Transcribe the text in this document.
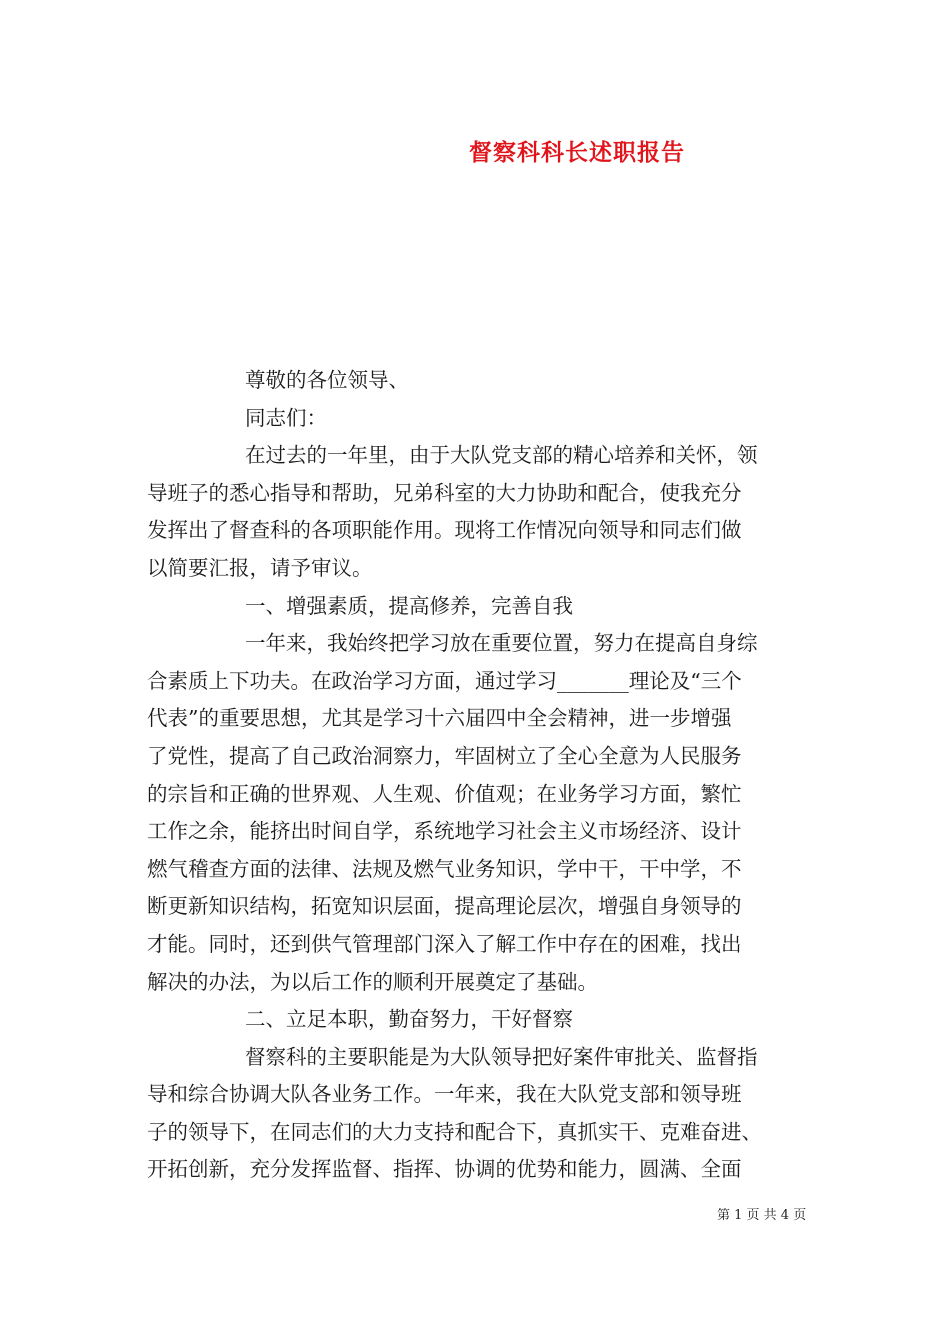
督察科科长述职报告
尊敬的各位领导、
同志们：
在过去的一年里，由于大队党支部的精心培养和关怀，领
导班子的悉心指导和帮助，兄弟科室的大力协助和配合，使我充分
发挥出了督查科的各项职能作用。现将工作情况向领导和同志们做
以简要汇报，请予审议。
一、增强素质，提高修养，完善自我
一年来，我始终把学习放在重要位置，努力在提高自身综
合素质上下功夫。在政治学习方面，通过学习_______理论及“三个
代表”的重要思想，尤其是学习十六届四中全会精神，进一步增强
了党性，提高了自己政治洞察力，牢固树立了全心全意为人民服务
的宗旨和正确的世界观、人生观、价值观；在业务学习方面，繁忙
工作之余，能挤出时间自学，系统地学习社会主义市场经济、设计
燃气稽查方面的法律、法规及燃气业务知识，学中干，干中学，不
断更新知识结构，拓宽知识层面，提高理论层次，增强自身领导的
才能。同时，还到供气管理部门深入了解工作中存在的困难，找出
解决的办法，为以后工作的顺利开展奠定了基础。
二、立足本职，勤奋努力，干好督察
督察科的主要职能是为大队领导把好案件审批关、监督指
导和综合协调大队各业务工作。一年来，我在大队党支部和领导班
子的领导下，在同志们的大力支持和配合下，真抓实干、克难奋进、
开拓创新，充分发挥监督、指挥、协调的优势和能力，圆满、全面
第 1 页 共 4 页
